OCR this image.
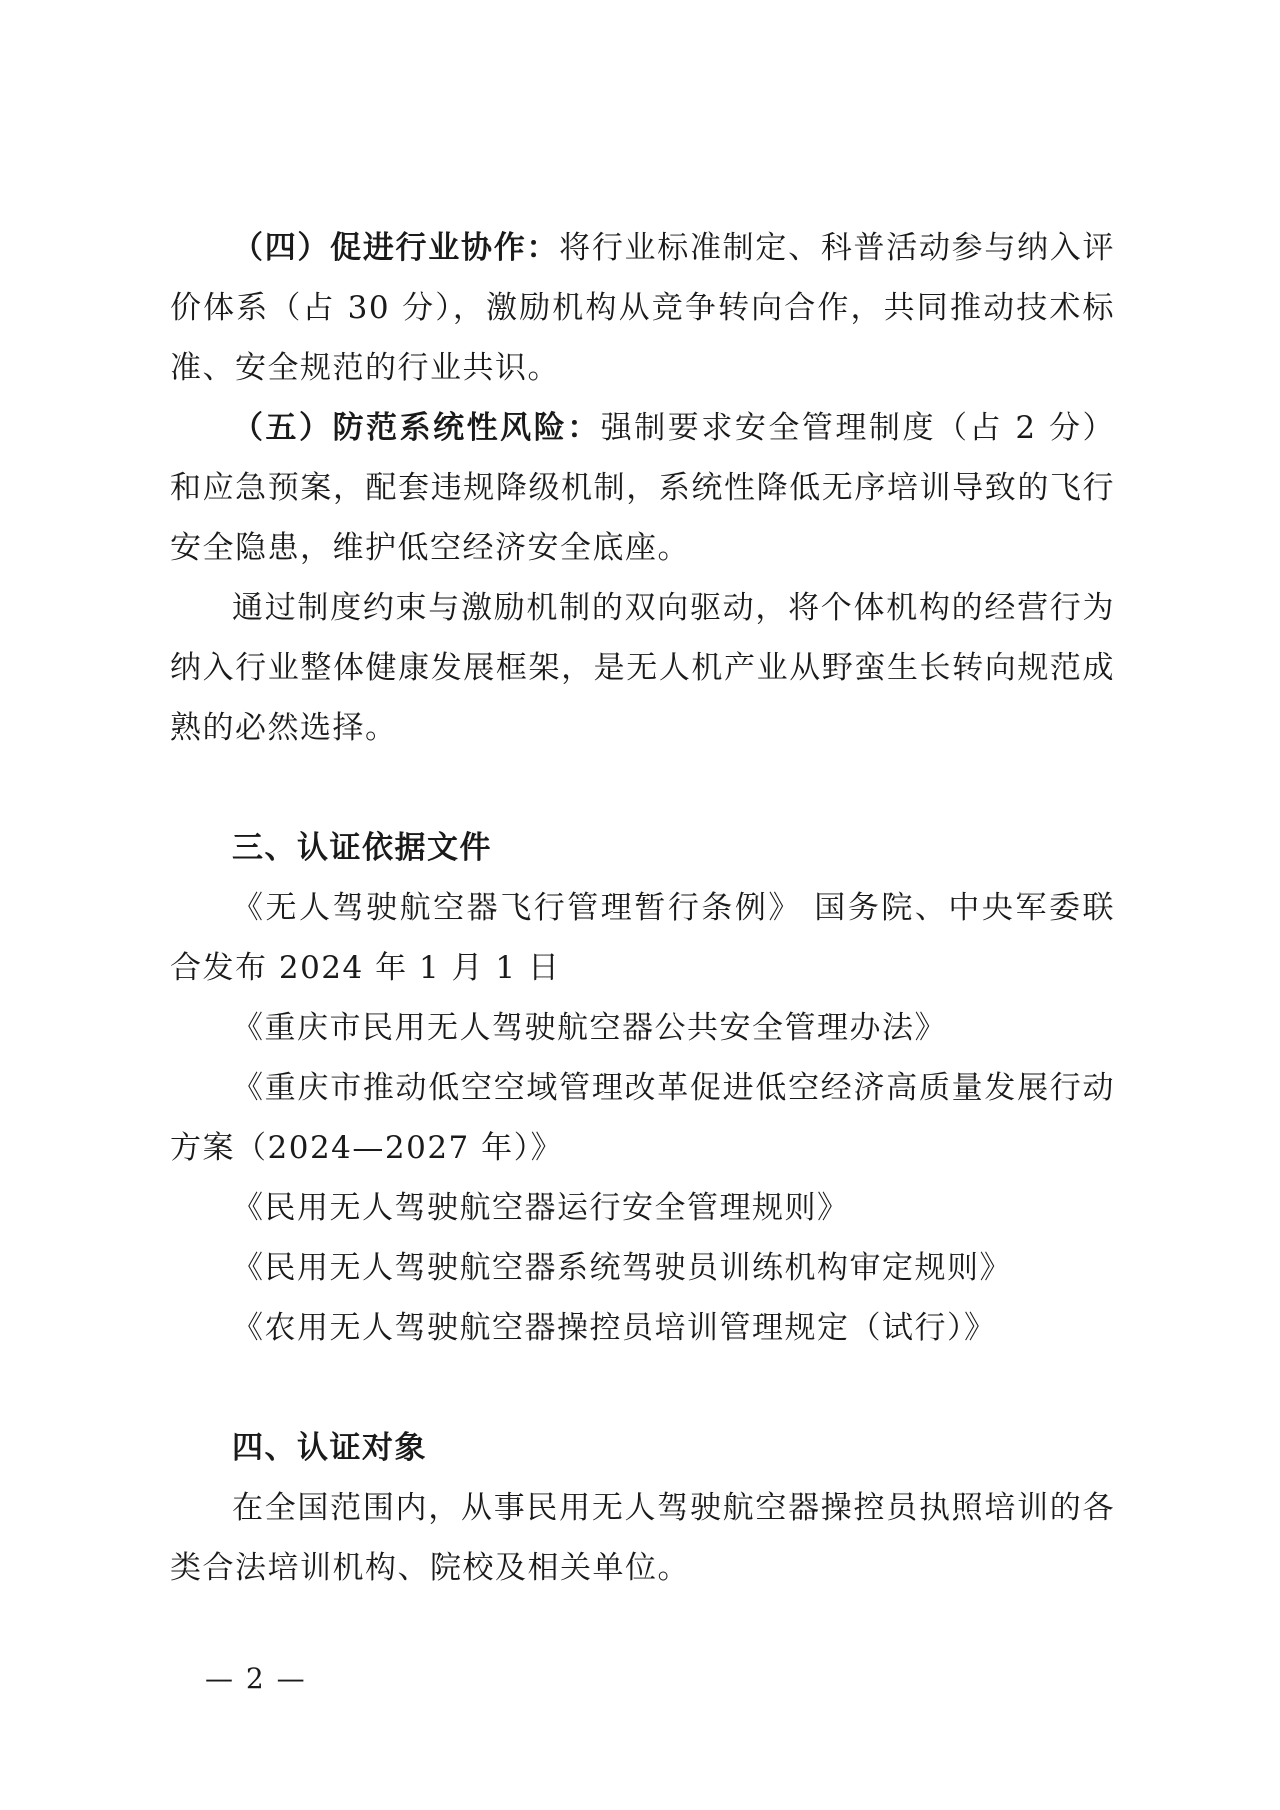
（四）促进行业协作：将行业标准制定、科普活动参与纳入评价体系（占 30 分），激励机构从竞争转向合作，共同推动技术标准、安全规范的行业共识。

（五）防范系统性风险：强制要求安全管理制度（占 2 分）和应急预案，配套违规降级机制，系统性降低无序培训导致的飞行安全隐患，维护低空经济安全底座。

通过制度约束与激励机制的双向驱动，将个体机构的经营行为纳入行业整体健康发展框架，是无人机产业从野蛮生长转向规范成熟的必然选择。

三、认证依据文件

《无人驾驶航空器飞行管理暂行条例》 国务院、中央军委联合发布 2024 年 1 月 1 日

《重庆市民用无人驾驶航空器公共安全管理办法》

《重庆市推动低空空域管理改革促进低空经济高质量发展行动方案（2024—2027 年）》

《民用无人驾驶航空器运行安全管理规则》

《民用无人驾驶航空器系统驾驶员训练机构审定规则》

《农用无人驾驶航空器操控员培训管理规定（试行）》

四、认证对象

在全国范围内，从事民用无人驾驶航空器操控员执照培训的各类合法培训机构、院校及相关单位。

— 2 —
